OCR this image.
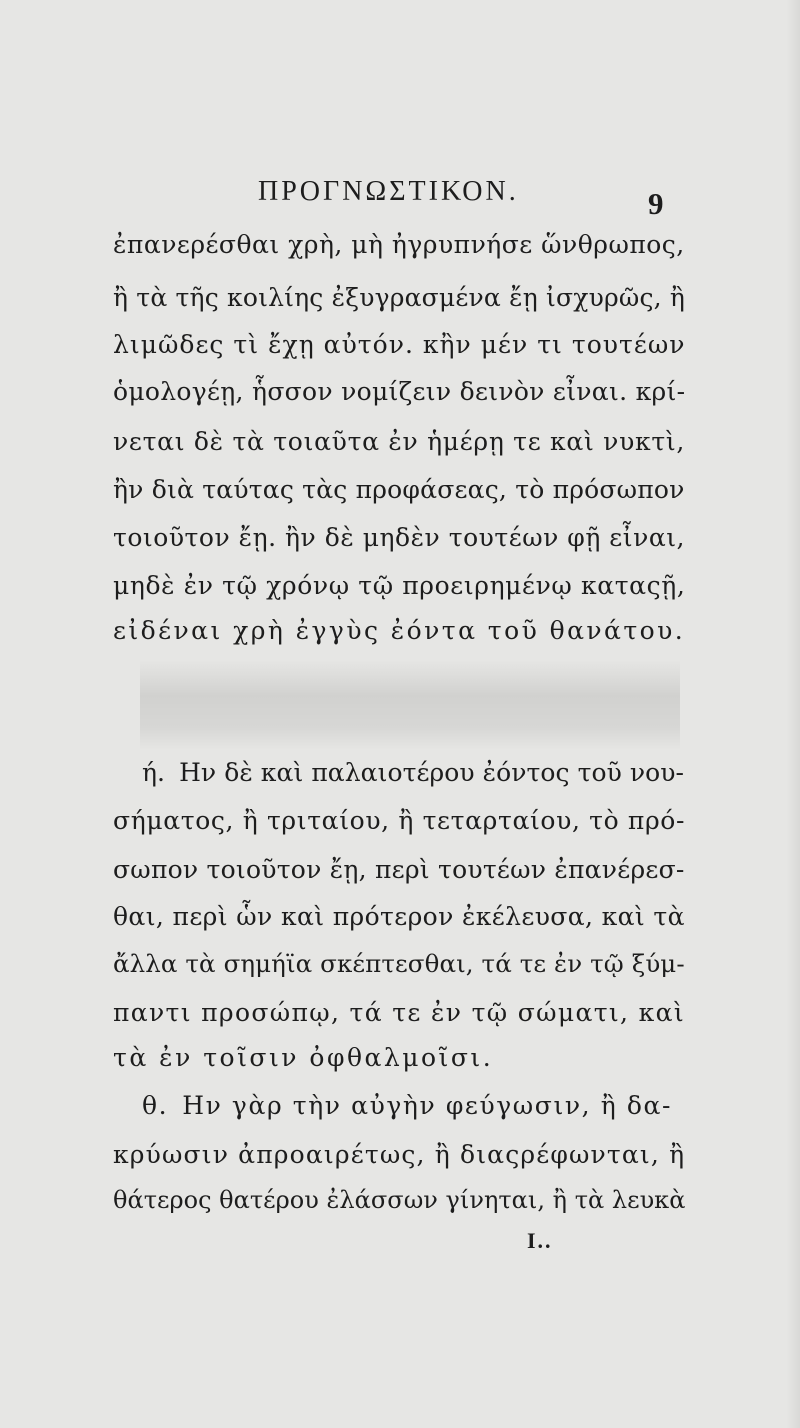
ΠΡΟΓΝΩΣΤΙΚΟΝ.	9
ἐπανερέσθαι χρὴ, μὴ ἠγρυπνήσε ὥνθρωπος,
ἢ τὰ τῆς κοιλίης ἐξυγρασμένα ἔῃ ἰσχυρῶς, ἢ
λιμῶδες τὶ ἔχῃ αὐτόν. κἢν μέν τι τουτέων
ὁμολογέῃ, ἧσσον νομίζειν δεινὸν εἶναι. κρί-
νεται δὲ τὰ τοιαῦτα ἐν ἡμέρῃ τε καὶ νυκτὶ,
ἢν διὰ ταύτας τὰς προφάσεας, τὸ πρόσωπον
τοιοῦτον ἔῃ. ἢν δὲ μηδὲν τουτέων φῇ εἶναι,
μηδὲ ἐν τῷ χρόνῳ τῷ προειρημένῳ καταςῇ,
εἰδέναι χρὴ ἐγγὺς ἐόντα τοῦ θανάτου.
ή. Ην δὲ καὶ παλαιοτέρου ἐόντος τοῦ νου-
σήματος, ἢ τριταίου, ἢ τεταρταίου, τὸ πρό-
σωπον τοιοῦτον ἔῃ, περὶ τουτέων ἐπανέρεσ-
θαι, περὶ ὧν καὶ πρότερον ἐκέλευσα, καὶ τὰ
ἄλλα τὰ σημήϊα σκέπτεσθαι, τά τε ἐν τῷ ξύμ-
παντι προσώπῳ, τά τε ἐν τῷ σώματι, καὶ
τὰ ἐν τοῖσιν ὀφθαλμοῖσι.
θ. Ην γὰρ τὴν αὐγὴν φεύγωσιν, ἢ δα-
κρύωσιν ἀπροαιρέτως, ἢ διαςρέφωνται, ἢ
θάτερος θατέρου ἐλάσσων γίνηται, ἢ τὰ λευκὰ
I..
